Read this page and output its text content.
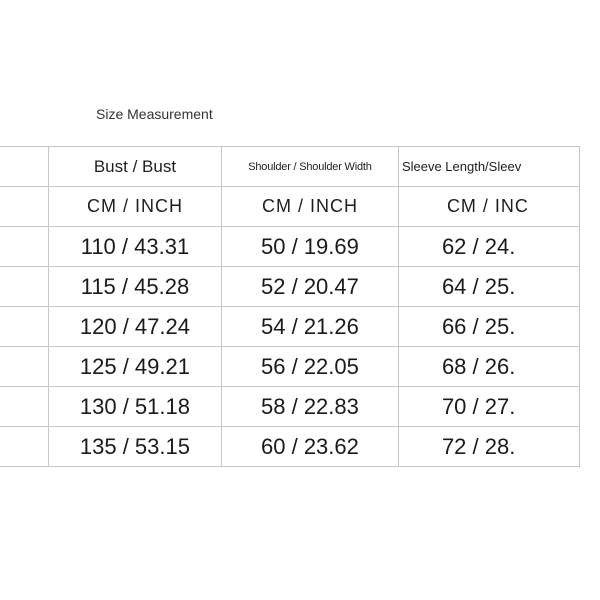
Size Measurement
	Bust / Bust	Shoulder / Shoulder Width	Sleeve Length/Sleev
	CM / INCH	CM / INCH	CM / INC
	110 / 43.31	50 / 19.69	62 / 24.
	115 / 45.28	52 / 20.47	64 / 25.
	120 / 47.24	54 / 21.26	66 / 25.
	125 / 49.21	56 / 22.05	68 / 26.
	130 / 51.18	58 / 22.83	70 / 27.
	135 / 53.15	60 / 23.62	72 / 28.
